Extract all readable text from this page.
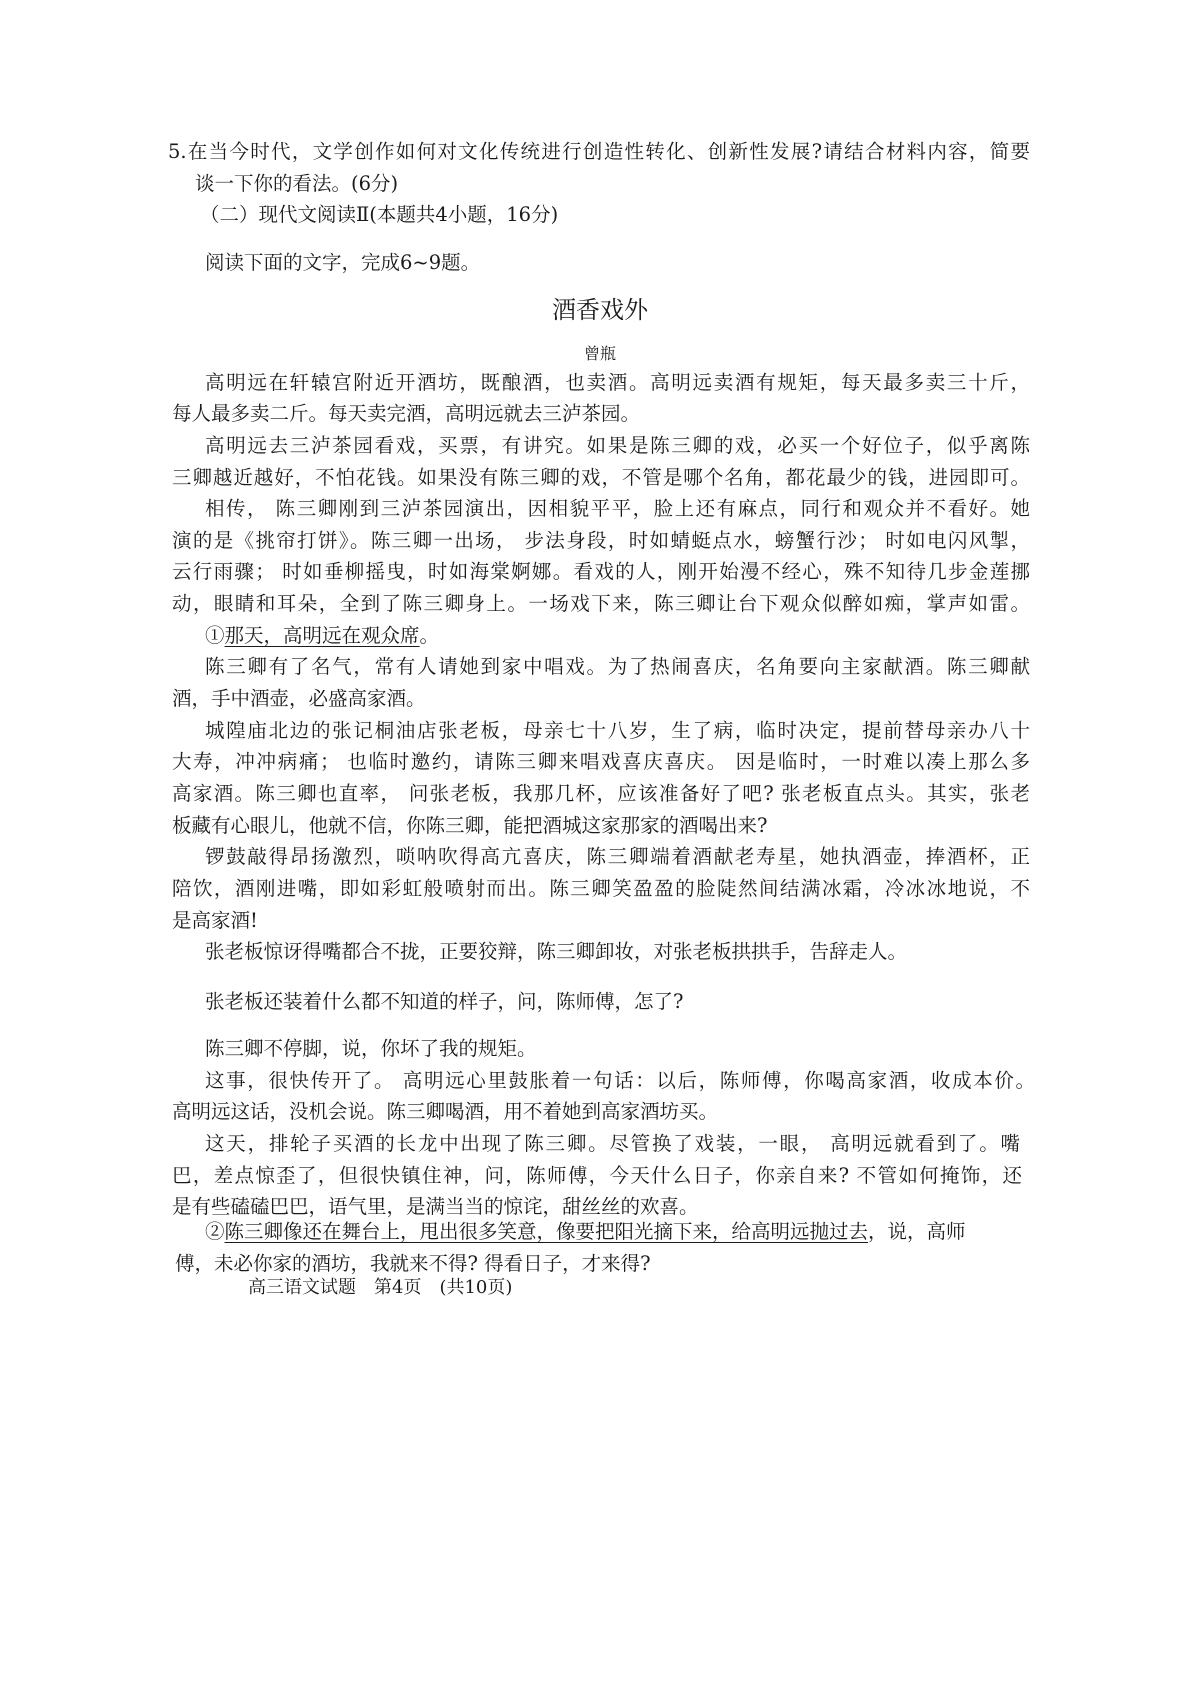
5.在当今时代，文学创作如何对文化传统进行创造性转化、创新性发展?请结合材料内容，简要
谈一下你的看法。(6分)
（二）现代文阅读Ⅱ(本题共4小题，16分)
阅读下面的文字，完成6~9题。
酒香戏外
曾瓶
高明远在轩辕宫附近开酒坊，既酿酒，也卖酒。高明远卖酒有规矩，每天最多卖三十斤，
每人最多卖二斤。每天卖完酒，高明远就去三泸茶园。
高明远去三泸茶园看戏，买票，有讲究。如果是陈三卿的戏，必买一个好位子，似乎离陈
三卿越近越好，不怕花钱。如果没有陈三卿的戏，不管是哪个名角，都花最少的钱，进园即可。
相传， 陈三卿刚到三泸茶园演出，因相貌平平，脸上还有麻点，同行和观众并不看好。她
演的是《挑帘打饼》。陈三卿一出场， 步法身段，时如蜻蜓点水，螃蟹行沙； 时如电闪风掣，
云行雨骤； 时如垂柳摇曳，时如海棠婀娜。看戏的人，刚开始漫不经心，殊不知待几步金莲挪
动，眼睛和耳朵，全到了陈三卿身上。一场戏下来，陈三卿让台下观众似醉如痴，掌声如雷。
①那天，高明远在观众席。
陈三卿有了名气，常有人请她到家中唱戏。为了热闹喜庆，名角要向主家献酒。陈三卿献
酒，手中酒壶，必盛高家酒。
城隍庙北边的张记桐油店张老板，母亲七十八岁，生了病，临时决定，提前替母亲办八十
大寿，冲冲病痛； 也临时邀约，请陈三卿来唱戏喜庆喜庆。 因是临时，一时难以凑上那么多
高家酒。陈三卿也直率， 问张老板，我那几杯，应该准备好了吧? 张老板直点头。其实，张老
板藏有心眼儿，他就不信，你陈三卿，能把酒城这家那家的酒喝出来?
锣鼓敲得昂扬激烈，唢呐吹得高亢喜庆，陈三卿端着酒献老寿星，她执酒壶，捧酒杯，正
陪饮，酒刚进嘴，即如彩虹般喷射而出。陈三卿笑盈盈的脸陡然间结满冰霜，冷冰冰地说，不
是高家酒!
张老板惊讶得嘴都合不拢，正要狡辩，陈三卿卸妆，对张老板拱拱手，告辞走人。
张老板还装着什么都不知道的样子，问，陈师傅，怎了?
陈三卿不停脚，说，你坏了我的规矩。
这事，很快传开了。 高明远心里鼓胀着一句话：以后，陈师傅，你喝高家酒，收成本价。
高明远这话，没机会说。陈三卿喝酒，用不着她到高家酒坊买。
这天，排轮子买酒的长龙中出现了陈三卿。尽管换了戏装，一眼， 高明远就看到了。嘴
巴，差点惊歪了，但很快镇住神，问，陈师傅，今天什么日子，你亲自来? 不管如何掩饰，还
是有些磕磕巴巴，语气里，是满当当的惊诧，甜丝丝的欢喜。
②陈三卿像还在舞台上，甩出很多笑意，像要把阳光摘下来，给高明远抛过去，说，高师
傅，未必你家的酒坊，我就来不得? 得看日子，才来得?
高三语文试题　第4页　(共10页)
